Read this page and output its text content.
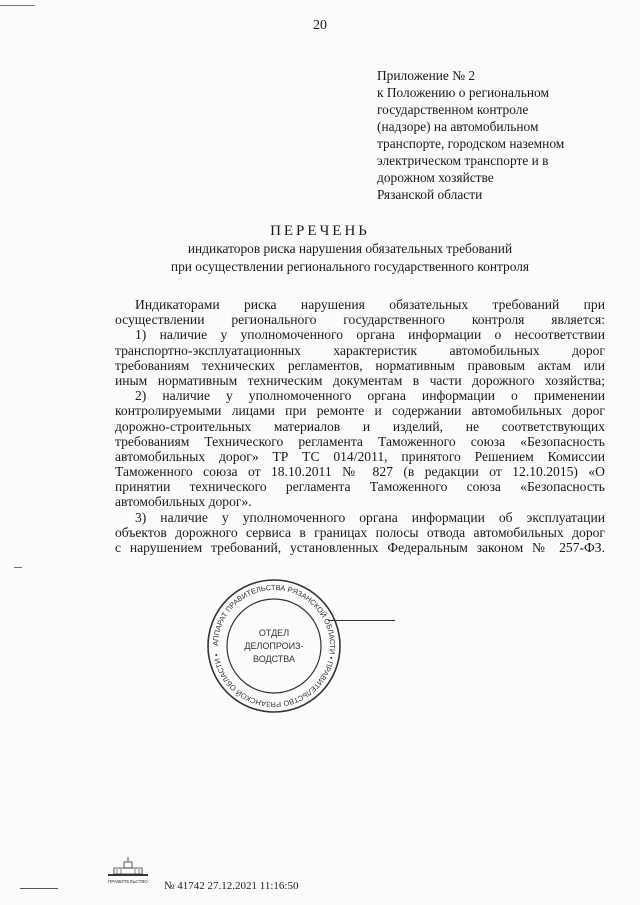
20
Приложение № 2
к Положению о региональном
государственном контроле
(надзоре) на автомобильном
транспорте, городском наземном
электрическом транспорте и в
дорожном хозяйстве
Рязанской области
ПЕРЕЧЕНЬ
индикаторов риска нарушения обязательных требований
при осуществлении регионального государственного контроля
Индикаторами риска нарушения обязательных требований при
осуществлении регионального государственного контроля является:
1) наличие у уполномоченного органа информации о несоответствии
транспортно-эксплуатационных характеристик автомобильных дорог
требованиям технических регламентов, нормативным правовым актам или
иным нормативным техническим документам в части дорожного хозяйства;
2) наличие у уполномоченного органа информации о применении
контролируемыми лицами при ремонте и содержании автомобильных дорог
дорожно-строительных материалов и изделий, не соответствующих
требованиям Технического регламента Таможенного союза «Безопасность
автомобильных дорог» ТР ТС 014/2011, принятого Решением Комиссии
Таможенного союза от 18.10.2011 № 827 (в редакции от 12.10.2015) «О
принятии технического регламента Таможенного союза «Безопасность
автомобильных дорог».
3) наличие у уполномоченного органа информации об эксплуатации
объектов дорожного сервиса в границах полосы отвода автомобильных дорог
с нарушением требований, установленных Федеральным законом № 257-ФЗ.
АППАРАТ ПРАВИТЕЛЬСТВА РЯЗАНСКОЙ ОБЛАСТИ • ПРАВИТЕЛЬСТВО РЯЗАНСКОЙ ОБЛАСТИ •
ОТДЕЛ
ДЕЛОПРОИЗ-
ВОДСТВА
ПРАВИТЕЛЬСТВО № 41742 27.12.2021 11:16:50
